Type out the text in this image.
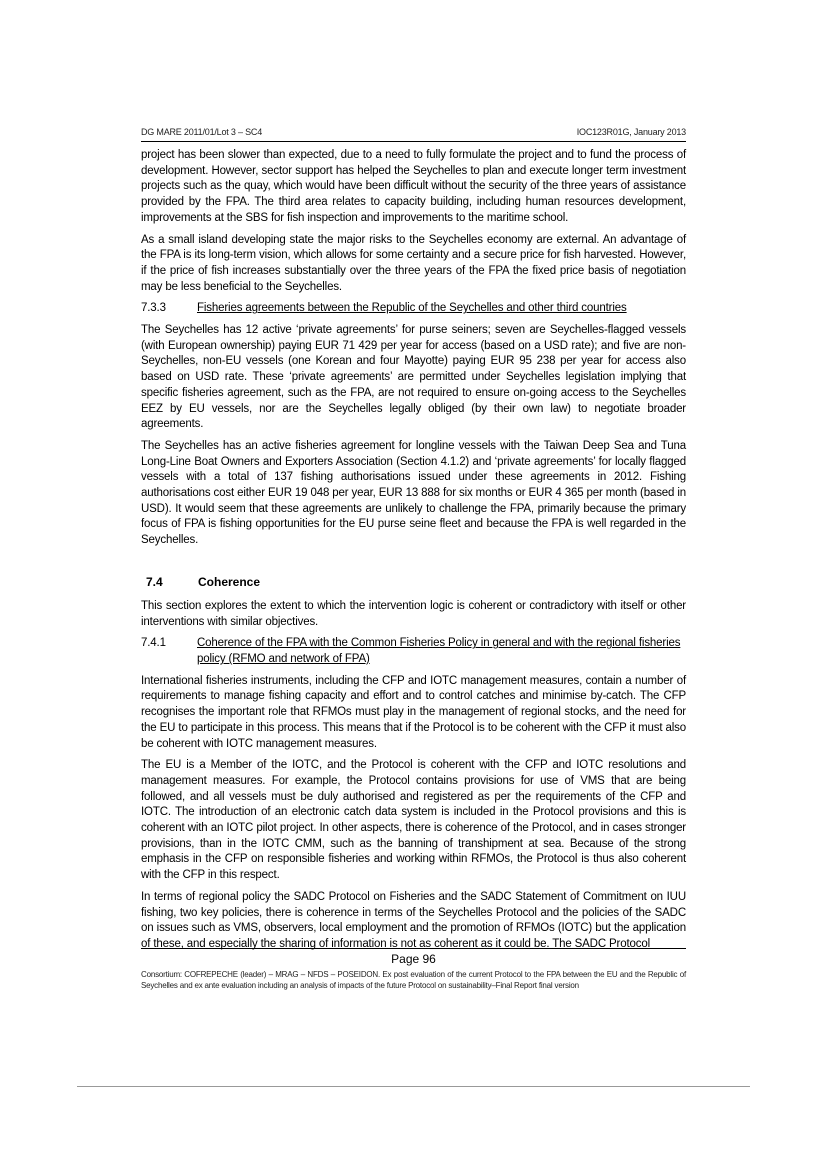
DG MARE 2011/01/Lot 3 – SC4	IOC123R01G, January 2013

project has been slower than expected, due to a need to fully formulate the project and to fund the process of development. However, sector support has helped the Seychelles to plan and execute longer term investment projects such as the quay, which would have been difficult without the security of the three years of assistance provided by the FPA. The third area relates to capacity building, including human resources development, improvements at the SBS for fish inspection and improvements to the maritime school.

As a small island developing state the major risks to the Seychelles economy are external. An advantage of the FPA is its long-term vision, which allows for some certainty and a secure price for fish harvested. However, if the price of fish increases substantially over the three years of the FPA the fixed price basis of negotiation may be less beneficial to the Seychelles.

7.3.3	Fisheries agreements between the Republic of the Seychelles and other third countries

The Seychelles has 12 active ‘private agreements’ for purse seiners; seven are Seychelles-flagged vessels (with European ownership) paying EUR 71 429 per year for access (based on a USD rate); and five are non-Seychelles, non-EU vessels (one Korean and four Mayotte) paying EUR 95 238 per year for access also based on USD rate. These ‘private agreements’ are permitted under Seychelles legislation implying that specific fisheries agreement, such as the FPA, are not required to ensure on-going access to the Seychelles EEZ by EU vessels, nor are the Seychelles legally obliged (by their own law) to negotiate broader agreements.

The Seychelles has an active fisheries agreement for longline vessels with the Taiwan Deep Sea and Tuna Long-Line Boat Owners and Exporters Association (Section 4.1.2) and ‘private agreements’ for locally flagged vessels with a total of 137 fishing authorisations issued under these agreements in 2012. Fishing authorisations cost either EUR 19 048 per year, EUR 13 888 for six months or EUR 4 365 per month (based in USD). It would seem that these agreements are unlikely to challenge the FPA, primarily because the primary focus of FPA is fishing opportunities for the EU purse seine fleet and because the FPA is well regarded in the Seychelles.

7.4	Coherence

This section explores the extent to which the intervention logic is coherent or contradictory with itself or other interventions with similar objectives.

7.4.1	Coherence of the FPA with the Common Fisheries Policy in general and with the regional fisheries policy (RFMO and network of FPA)

International fisheries instruments, including the CFP and IOTC management measures, contain a number of requirements to manage fishing capacity and effort and to control catches and minimise by-catch. The CFP recognises the important role that RFMOs must play in the management of regional stocks, and the need for the EU to participate in this process. This means that if the Protocol is to be coherent with the CFP it must also be coherent with IOTC management measures.

The EU is a Member of the IOTC, and the Protocol is coherent with the CFP and IOTC resolutions and management measures. For example, the Protocol contains provisions for use of VMS that are being followed, and all vessels must be duly authorised and registered as per the requirements of the CFP and IOTC. The introduction of an electronic catch data system is included in the Protocol provisions and this is coherent with an IOTC pilot project. In other aspects, there is coherence of the Protocol, and in cases stronger provisions, than in the IOTC CMM, such as the banning of transhipment at sea. Because of the strong emphasis in the CFP on responsible fisheries and working within RFMOs, the Protocol is thus also coherent with the CFP in this respect.

In terms of regional policy the SADC Protocol on Fisheries and the SADC Statement of Commitment on IUU fishing, two key policies, there is coherence in terms of the Seychelles Protocol and the policies of the SADC on issues such as VMS, observers, local employment and the promotion of RFMOs (IOTC) but the application of these, and especially the sharing of information is not as coherent as it could be. The SADC Protocol

Page 96
Consortium: COFREPECHE (leader) – MRAG – NFDS – POSEIDON. Ex post evaluation of the current Protocol to the FPA between the EU and the Republic of Seychelles and ex ante evaluation including an analysis of impacts of the future Protocol on sustainability–Final Report final version
